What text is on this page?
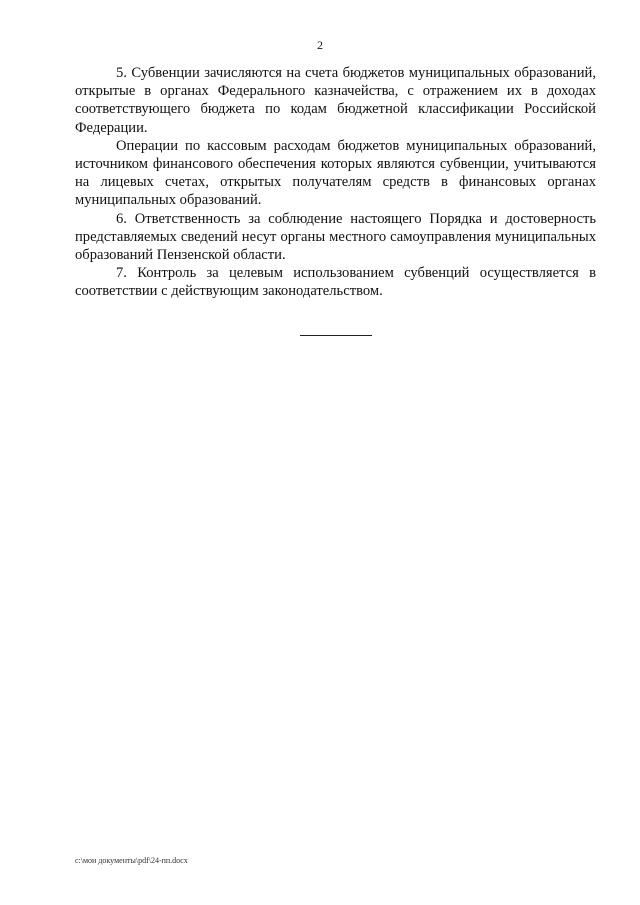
2

5. Субвенции зачисляются на счета бюджетов муниципальных образований, открытые в органах Федерального казначейства, с отражением их в доходах соответствующего бюджета по кодам бюджетной классификации Российской Федерации.

Операции по кассовым расходам бюджетов муниципальных образований, источником финансового обеспечения которых являются субвенции, учитываются на лицевых счетах, открытых получателям средств в финансовых органах муниципальных образований.

6. Ответственность за соблюдение настоящего Порядка и достоверность представляемых сведений несут органы местного самоуправления муниципальных образований Пензенской области.

7. Контроль за целевым использованием субвенций осуществляется в соответствии с действующим законодательством.

c:\мои документы\pdf\24-пп.docx
